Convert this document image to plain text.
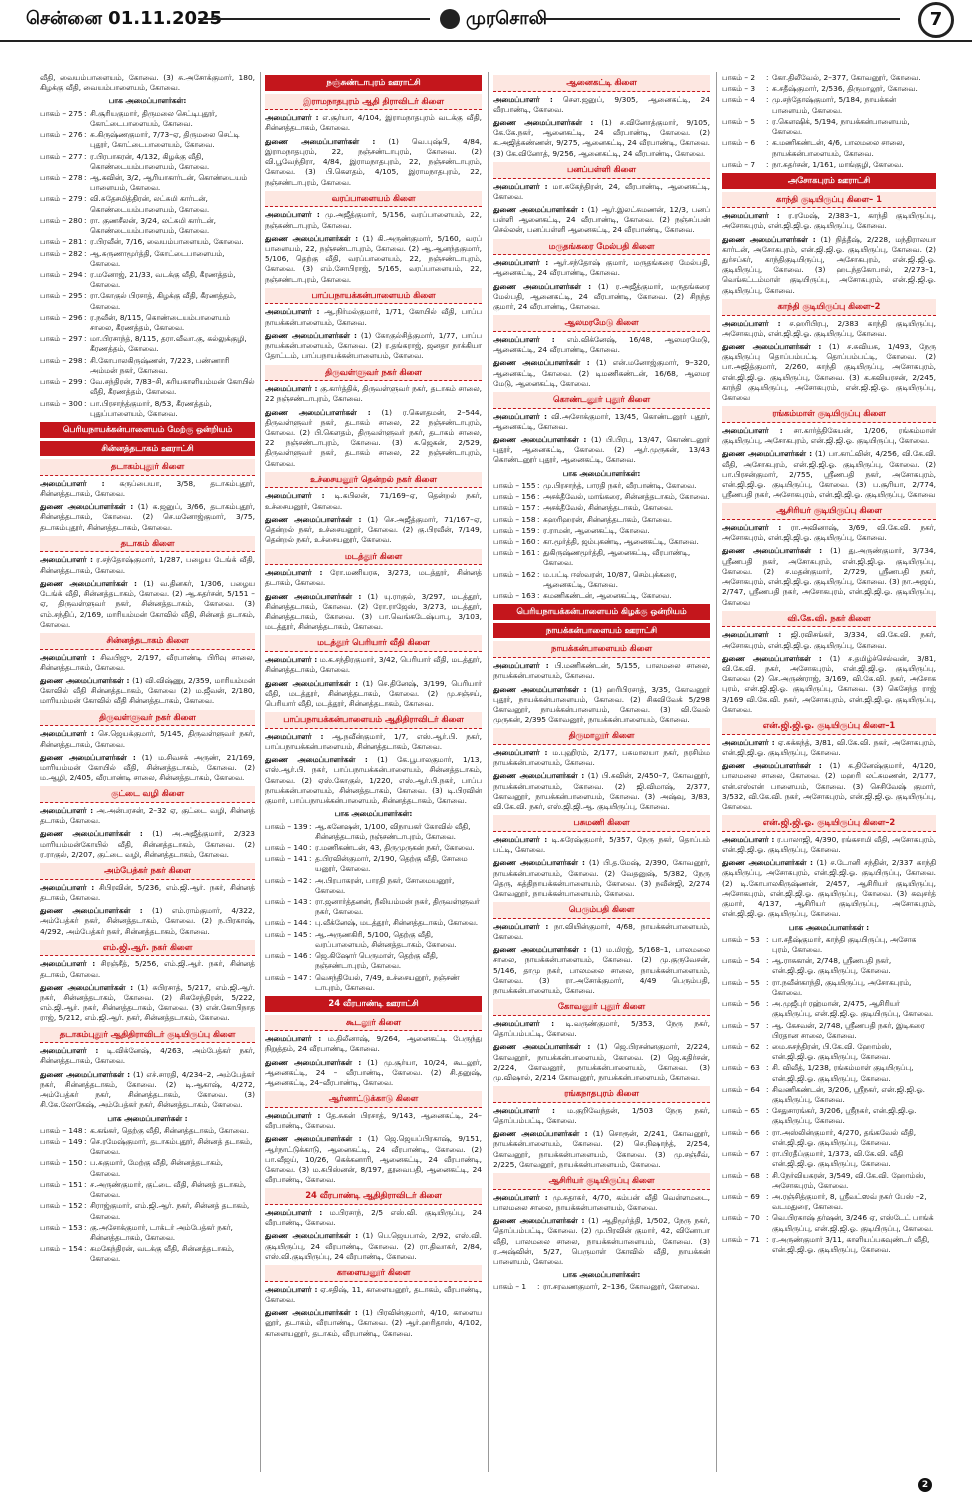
சென்னை 01.11.2025	முரசொலி	7
வீதி, வையம்பாளையம், கோவை. (3) சு.அசோக்குமார், 180, கிழக்கு வீதி, வையம்பாளையம், கோவை.
பாக அமைப்பாளர்கள்:
பாகம் – 275 : சி.சூரியகுமார், திருமலை செட்டிபுதூர், கோட்டைபாளையம், கோவை.
பாகம் – 276 : சு.கிருஷ்ணகுமார், 7/73–ஏ, திருமலை செட்டி புதூர், கோட்டைபாளையம், கோவை.
பாகம் – 277 : ர.பிரபாகரன், 4/132, கிழக்கு வீதி, கொண்டையம்பாளையம், கோவை.
பாகம் – 278 : ஆ.கவின், 3/2, ஆரியாகார்டன், கொண்டையம் பாளையம், கோவை.
பாகம் – 279 : வி.சுதேசமித்திரன், லட்சுமி கார்டன், கொண்டையம்பாளையம், கோவை.
பாகம் – 280 : ரா. குணசீலன், 3/24, லட்சுமி கார்டன், கொண்டையம்பாளையம், கோவை.
பாகம் – 281 : ர.பிரவீன், 7/16, வையம்பாளையம், கோவை.
பாகம் – 282 : ஆ.சுருணாமூர்த்தி, கோட்டைபாளையம், கோவை.
பாகம் – 294 : ர.மனோஜ், 21/33, வடக்கு வீதி, கீரணத்தம், கோவை.
பாகம் – 295 : ரா.கோகுல் பிரசாத், கிழக்கு வீதி, கீரணத்தம், கோவை.
பாகம் – 296 : ர.நவீன், 8/115, கொண்டையம்பாளையம் சாலை, கீரணத்தம், கோவை.
பாகம் – 297 : மா.பிரசாந்த், 8/115, தரா.வீவா.கு, கல்லுக்குழி, கீரணத்தம், கோவை.
பாகம் – 298 : சி.கோபாலகிருஷ்ணன், 7/223, பண்ணாரி அம்மன் நகர், கோவை.
பாகம் – 299 : வே.சந்திரன், 7/83–சி, சுரியகாளியம்மன் கோயில் வீதி, கீரணத்தம், கோவை.
பாகம் – 300 : பா.பிரசாந்த்குமார், 8/53, கீரணத்தம், புதுப்பாளையம், கோவை.
பெரியநாயக்கன்பாளையம் மேற்கு ஒன்றியம்
சின்னத்தடாகம் ஊராட்சி
தடாகம்புதூர் கிளை
அமைப்பாளர் : கருப்பையா, 3/58, தடாகம்புதூர், சின்னத்தடாகம், கோவை.
துணை அமைப்பாளர்கள் : (1) க.ஜனுப், 3/66, தடாகம்புதூர், சின்னத்தடாகம், கோவை. (2) செ.மனோஜ்குமார், 3/75, தடாகம்புதூர், சின்னத்தடாகம், கோவை.
தடாகம் கிளை
அமைப்பாளர் : ர.சந்தோஷ்குமார், 1/287, பழைய டேங்க் வீதி, சின்னத்தடாகம், கோவை.
துணை அமைப்பாளர்கள் : (1) வ.தினகர், 1/306, பழைய டேங்க் வீதி, சின்னத்தடாகம், கோவை. (2) ஆ.சுதர்சன், 5/151 – ஏ, திருவள்ளுவர் நகர், சின்னத்தடாகம், கோவை. (3) எம்.சந்திப், 2/169, மாரியம்மன் கோவில் வீதி, சின்னத் தடாகம், கோவை.
சின்னத்தடாகம் கிளை
அமைப்பாளர் : சிவபிஜு, 2/197, வீரபாண்டி பிரிவு சாலை, சின்னத்தடாகம், கோவை.
துணை அமைப்பாளர்கள் : (1) வி.விஷ்ணு, 2/359, மாரியம்மன் கோவில் வீதி சின்னத்தடாகம், கோவை (2) ம.ஜீவன், 2/180, மாரியம்மன் கோவில் வீதி சின்னத்தடாகம், கோவை.
திருவள்ளுவர் நகர் கிளை
அமைப்பாளர் : செ.ஜெயக்குமார், 5/145, திருவள்ளுவர் நகர், சின்னத்தடாகம், கோவை.
துணை அமைப்பாளர்கள் : (1) ம.சிவசக் அருண், 21/169, மாரியம்மன் கோயில் வீதி, சின்னத்தடாகம், கோவை. (2) ம.ஆழி, 2/405, வீரபாண்டி சாலை, சின்னத்தடாகம், கோவை.
குட்டை வழி கிளை
அமைப்பாளர் : அ.அன்பரசன், 2–32 ஏ, குட்டை வழி, சின்னத் தடாகம், கோவை.
துணை அமைப்பாளர்கள் : (1) அ.அஜீத்குமார், 2/323 மாரியம்மன்கோயில் வீதி, சின்னத்தடாகம், கோவை. (2) ர.ராகுல், 2/207, குட்டை வழி, சின்னத்தடாகம், கோவை.
அம்பேத்கர் நகர் கிளை
அமைப்பாளர் : சிபிரவின், 5/236, எம்.ஜி.ஆர். நகர், சின்னத் தடாகம், கோவை.
துணை அமைப்பாளர்கள் : (1) எம்.ராம்குமார், 4/322, அம்பேத்கர் நகர், சின்னத்தடாகம், கோவை. (2) ந.பிரகாஷ், 4/292, அம்பேத்கர் நகர், சின்னத்தடாகம், கோவை.
எம்.ஜி.ஆர். நகர் கிளை
அமைப்பாளர் : சிரஞ்சீத், 5/256, எம்.ஜி.ஆர். நகர், சின்னத் தடாகம், கோவை.
துணை அமைப்பாளர்கள் : (1) சுபிரசாத், 5/217, எம்.ஜி.ஆர். நகர், சின்னத்தடாகம், கோவை. (2) சிகசேந்திரன், 5/222, எம்.ஜி.ஆர். நகர், சின்னத்தடாகம், கோவை. (3) என்.கோபிநாத ராஜ், 5/212, எம்.ஜி.ஆர். நகர், சின்னத்தடாகம், கோவை.
தடாகம்புதூர் ஆதிதிராவிடர் குடியிருப்பு கிளை
அமைப்பாளர் : டி.விக்னேஷ், 4/263, அம்பேத்கர் நகர், சின்னத்தடாகம், கோவை.
துணை அமைப்பாளர்கள் : (1) எச்.சாரதி, 4/234–2, அம்பேத்கர் நகர், சின்னத்தடாகம், கோவை. (2) டி.ஆகாஷ், 4/272, அம்பேத்கர் நகர், சின்னத்தடாகம், கோவை. (3) சி.கே.லோகேஷ், அம்பேத்கர் நகர், சின்னத்தடாகம், கோவை.
பாக அமைப்பாளர்கள் :
பாகம் – 148 : க.கங்கர், தெற்கு வீதி, சின்னத்தடாகம், கோவை.
பாகம் – 149 : செ.ரமேஷ்குமார், தடாகம்புதூர், சின்னத் தடாகம், கோவை.
பாகம் – 150 : ப.சுகுமார், மேற்கு வீதி, சின்னத்தடாகம், கோவை.
பாகம் – 151 : ச.அருண்குமார், குட்டை வீதி, சின்னத் தடாகம், கோவை.
பாகம் – 152 : சிராஜ்குமார், எம்.ஜி.ஆர். நகர், சின்னத் தடாகம், கோவை.
பாகம் – 153 : கு.அசோக்குமார், டாக்டர் அம்பேத்கர் நகர், சின்னத்தடாகம், கோவை.
பாகம் – 154 : சுமகேந்திரன், வடக்கு வீதி, சின்னத்தடாகம், கோவை.
நஞ்சுண்டாபுரம் ஊராட்சி
இராமநாதபுரம் ஆதி திராவிடர் கிளை
அமைப்பாளர் : எ.சூர்யா, 4/104, இராமநாதபுரம் வடக்கு வீதி, சின்னத்தடாகம், கோவை.
துணை அமைப்பாளர்கள் : (1) வெ.புஷ்பி, 4/84, இராமநாதபுரம், 22, நஞ்சண்டாபுரம், கோவை. (2) வி.பூவேந்திரா, 4/84, இராமநாதபுரம், 22, நஞ்சண்டாபுரம், கோவை. (3) பி.கௌதம், 4/105, இராமநாதபுரம், 22, நஞ்சண்டாபுரம், கோவை.
வரப்பாளையம் கிளை
அமைப்பாளர் : மு.அஜீத்குமார், 5/156, வரப்பாளையம், 22, நஞ்சுண்டாபுரம், கோவை.
துணை அமைப்பாளர்கள் : (1) கி.அருண்குமார், 5/160, வரப் பாளையம், 22, நஞ்சண்டாபுரம், கோவை. (2) ஆ.ஆனந்தகுமார், 5/106, தெற்கு வீதி, வரப்பாளையம், 22, நஞ்சண்டாபுரம், கோவை. (3) எம்.சோபிராஜ், 5/165, வரப்பாளையம், 22, நஞ்சண்டாபுரம், கோவை.
பாப்பநாயக்கன்பாளையம் கிளை
அமைப்பாளர் : ஆ.நிர்மல்குமார், 1/71, கோயில் வீதி, பாப்ப நாயக்கன்பாளையம், கோவை.
துணை அமைப்பாளர்கள் : (1) கோகுல்சித்குமார், 1/77, பாப்ப நாயக்கன்பாளையம், கோவை. (2) ர.தங்கராஜ், ஜனதா நாக்கியா தோட்டம், பாப்பநாயக்கன்பாளையம், கோவை.
திருவள்ளுவர் நகர் கிளை
அமைப்பாளர் : கு.கார்த்திக், திருவள்ளுவர் நகர், தடாகம் சாலை, 22 நஞ்சண்டாபுரம், கோவை.
துணை அமைப்பாளர்கள் : (1) ர.கௌதமன், 2–544, திருவள்ளுவர் நகர், தடாகம் சாலை, 22 நஞ்சண்டாபுரம், கோவை. (2) பி.கௌதம், திருவள்ளுவர் நகர், தடாகம் சாலை, 22 நஞ்சண்டாபுரம், கோவை. (3) க.ஜெகன், 2/529, திருவள்ளுவர் நகர், தடாகம் சாலை, 22 நஞ்சண்டாபுரம், கோவை.
உச்சையனூர் தென்றல் நகர் கிளை
அமைப்பாளர் : டி.கபிலன், 71/169–ஏ, தென்றல் நகர், உச்சையனூர், கோவை.
துணை அமைப்பாளர்கள் : (1) செ.அஜீத்குமார், 71/167–ஏ, தென்றல் நகர், உச்சையனூர், கோவை. (2) கு.பிரவீன், 7/149, தென்றல் நகர், உச்சையனூர், கோவை.
மடத்தூர் கிளை
அமைப்பாளர் : ரோ.மணியரசு, 3/273, மடத்தூர், சின்னத் தடாகம், கோவை.
துணை அமைப்பாளர்கள் : (1) யு.ராகுல், 3/297, மடத்தூர், சின்னத்தடாகம், கோவை. (2) ரோ.ராஜேஸ், 3/273, மடத்தூர், சின்னத்தடாகம், கோவை. (3) பா.வெங்கடேஷ்பாபு, 3/103, மடத்தூர், சின்னத்தடாகம், கோவை.
மடத்தூர் பெரியார் வீதி கிளை
அமைப்பாளர் : ம.க.சந்திரகுமார், 3/42, பெரியார் வீதி, மடத்தூர், சின்னத்தடாகம், கோவை.
துணை அமைப்பாளர்கள் : (1) செ.தினேஷ், 3/199, பெரியார் வீதி, மடத்தூர், சின்னத்தடாகம், கோவை. (2) மு.சஞ்சய், பெரியார் வீதி, மடத்தூர், சின்னத்தடாகம், கோவை.
பாப்பநாயக்கன்பாளையம் ஆதிதிராவிடர் கிளை
அமைப்பாளர் : ஆ.நவீன்குமார், 1/7, எஸ்.ஆர்.பி. நகர், பாப்பநாயக்கன்பாளையம், சின்னத்தடாகம், கோவை.
துணை அமைப்பாளர்கள் : (1) கே.பூபாலகுமார், 1/13, எஸ்.ஆர்.பி. நகர், பாப்பநாயக்கன்பாளையம், சின்னத்தடாகம், கோவை. (2) ஏஸ்.கோகுல், 1/220, எஸ்.ஆர்.பி.நகர், பாப்ப நாயக்கன்பாளையம், சின்னத்தடாகம், கோவை. (3) டி.பிரவின் குமார், பாப்பநாயக்கன்பாளையம், சின்னத்தடாகம், கோவை.
பாக அமைப்பாளர்கள்:
பாகம் – 139 : ஆ.கனேஷன், 1/100, விநாயகர் கோவில் வீதி, சின்னத்தடாகம், நஞ்சண்டாபுரம், கோவை.
பாகம் – 140 : ர.மணிகண்டன், 43, திருமுருகன் நகர், கோவை.
பாகம் – 141 : த.பிரவின்குமார், 2/190, தெற்கு வீதி, சோமை யனூர், கோவை.
பாகம் – 142 : அ.பிரபாகரன், பாரதி நகர், சோமையனூர், கோவை.
பாகம் – 143 : ரா.ஜனார்த்தனன், நீலியம்மன் நகர், திருவள்ளுவர் நகர், கோவை.
பாகம் – 144 : பு.வீக்னேஷ், மடத்தூர், சின்னத்தடாகம், கோவை.
பாகம் – 145 : ஆ.அருணகிரி, 5/100, தெற்கு வீதி, வரப்பாளையம், சின்னத்தடாகம், கோவை.
பாகம் – 146 : ஜெ.கிஷோர் பெருமாள், தெற்கு வீதி, நஞ்சண்டாபுரம், கோவை.
பாகம் – 147 : வெசந்தியேல், 7/49, உச்சையனூர், நஞ்சண் டாபுரம், கோவை.
24 வீரபாண்டி ஊராட்சி
கூடலூர் கிளை
அமைப்பாளர் : ம.திலீனாஷ், 9/264, ஆனைகட்டி பேருந்து நிறுத்தம், 24 வீரபாண்டி, கோவை.
துணை அமைப்பாளர்கள் : (1) மு.சூர்யா, 10/24, கூடலூர், ஆனைகட்டி, 24 – வீரபாண்டி, கோவை. (2) சி.தனுஷ், ஆனைகட்டி, 24–வீரபாண்டி, கோவை.
ஆர்னாட்டுக்காடு கிளை
அமைப்பாளர் : தே.சுகன் பிரசாத், 9/143, ஆனைகட்டி, 24–வீரபாண்டி, கோவை.
துணை அமைப்பாளர்கள் : (1) ஜெ.ஜெயப்பிரகாஷ், 9/151, ஆர்நாட்டுக்காடு, ஆனைகட்டி, 24 வீரபாண்டி, கோவை. (2) பா.வீஜய், 10/26, கெக்கனாரி, ஆனைகட்டி, 24 வீரபாண்டி, கோவை. (3) ம.சுபிஸ்னன், 8/197, தூவைபதி, ஆனைகட்டி, 24 வீரபாண்டி, கோவை.
24 வீரபாண்டி ஆதிதிராவிடர் கிளை
அமைப்பாளர் : ம.பிரசாந், 2/5 எஸ்.வி. குடியிருப்பு, 24 வீரபாண்டி, கோவை.
துணை அமைப்பாளர்கள் : (1) பெ.ஜெயபால், 2/92, எஸ்.வி. குடியிருப்பு, 24 வீரபாண்டி, கோவை. (2) ரா.திவாகர், 2/84, எஸ்.வி.குடியிருப்பு, 24 வீரபாண்டி, கோவை.
காளையனூர் கிளை
அமைப்பாளர் : ஏ.சதிஷ், 11, காளையனூர், தடாகம், வீரபாண்டி, கோவை.
துணை அமைப்பாளர்கள் : (1) பிரவின்குமார், 4/10, காளைய னூர், தடாகம், வீரபாண்டி, கோவை. (2) ஆர்.ஹரிதாஸ், 4/102, காளையனூர், தடாகம், வீரபாண்டி, கோவை.
ஆனைகட்டி கிளை
அமைப்பாளர் : செள.ஜனுப், 9/305, ஆனைகட்டி, 24 வீரபாண்டி, கோவை.
துணை அமைப்பாளர்கள் : (1) ச.வினோத்குமார், 9/105, கே.கே.நகர், ஆனைகட்டி, 24 வீரபாண்டி, கோவை. (2) க.அஜித்கண்ணன், 9/275, ஆனைகட்டி, 24 வீரபாண்டி, கோவை. (3) கே.வினோத், 9/256, ஆனைகட்டி, 24 வீரபாண்டி, கோவை.
பனப்பள்ளி கிளை
அமைப்பாளர் : மா.சுகேந்திரன், 24, வீரபாண்டி, ஆனைகட்டி, கோவை.
துணை அமைப்பாளர்கள் : (1) ஆர்.இலட்சுமணன், 12/3, பனப் பள்ளி ஆனைகட்டி, 24 வீரபாண்டி, கோவை. (2) நஞ்சப்பன் செல்லன், பனப்பள்ளி ஆனைகட்டி, 24 வீரபாண்டி, கோவை.
மருதங்கரை மேல்பதி கிளை
அமைப்பாளர் : ஆர்.சந்தோஷ் குமார், மருதங்கரை மேல்பதி, ஆனைகட்டி, 24 வீரபாண்டி, கோவை.
துணை அமைப்பாளர்கள் : (1) ர.அஜீத்குமார், மருதங்கரை மேல்பதி, ஆனைகட்டி, 24 வீரபாண்டி, கோவை. (2) சிநந்த குமார், 24 வீரபாண்டி, கோவை.
ஆலமரமேடு கிளை
அமைப்பாளர் : எம்.விக்னேஷ், 16/48, ஆலமரமேடு, ஆனைகட்டி, 24 வீரபாண்டி, கோவை.
துணை அமைப்பாளர்கள் : (1) என்.மனோஜ்குமார், 9–320, ஆனைகட்டி, கோவை. (2) டிமணிகண்டன், 16/68, ஆலமர மேடு, ஆனைகட்டி, கோவை.
கொண்டனூர் புதூர் கிளை
அமைப்பாளர் : வி.அசோக்குமார், 13/45, கொண்டனூர் புதூர், ஆனைகட்டி, கோவை.
துணை அமைப்பாளர்கள் : (1) பி.பிரபு, 13/47, கொண்டனூர் புதூர், ஆனைகட்டி, கோவை. (2) ஆர்.முருகன், 13/43 கொண்டனூர் புதூர், ஆனைகட்டி, கோவை.
பாக அமைப்பாளர்கள்:
பாகம் – 155 : மு.பிரசாந்த், பாரதி நகர், வீரபாண்டி, கோவை.
பாகம் – 156 : அசக்தீவேல், மாங்கரை, சின்னத்தடாகம், கோவை.
பாகம் – 157 : அசக்தீவேல், சின்னத்தடாகம், கோவை.
பாகம் – 158 : சுஹரிஹரன், சின்னத்தடாகம், கோவை.
பாகம் – 159 : ர.ராமன், ஆனைகட்டி, கோவை.
பாகம் – 160 : கா.மூர்த்தி, ஜம்புகண்டி, ஆனைகட்டி, கோவை.
பாகம் – 161 : துகிருஷ்ணமூர்த்தி, ஆனைகட்டி, வீரபாண்டி, கோவை.
பாகம் – 162 : ம.பட்டி ஈஸ்வரன், 10/87, செம்புக்கரை, ஆனைகட்டி, கோவை.
பாகம் – 163 : சுமணிகண்டன், ஆனைகட்டி, கோவை.
பெரியநாயக்கன்பாளையம் கிழக்கு ஒன்றியம்
நாயக்கன்பாளையம் ஊராட்சி
நாயக்கன்பாளையம் கிளை
அமைப்பாளர் : பி.மணிகண்டன், 5/155, பாலமலை சாலை, நாயக்கன்பாளையம், கோவை.
துணை அமைப்பாளர்கள் : (1) ஹரிபிரசாத், 3/35, கோவனூர் புதூர், நாயக்கன்பாளையம், கோவை. (2) சிகவிவேக் 5/298 கோவனூர், நாயக்கன்பாளையம், கோவை. (3) வி.வேல் முருகன், 2/395 கோவனூர், நாயக்கன்பாளையம், கோவை.
திருமாலூர் கிளை
அமைப்பாளர் : ம.புஹிரம், 2/177, பசுமாலயா நகர், நரசிம்ம நாயக்கன்பாளையம், கோவை.
துணை அமைப்பாளர்கள் : (1) பி.சுவின், 2/450–7, கோவனூர், நாயக்கன்பாளையம், கோவை. (2) ஜி.விமாஷ், 2/377, கோவனூர், நாயக்கன்பாளையம், கோவை. (3) அஷ்வு, 3/83, வி.கே.வி. நகர், எஸ்.ஜி.ஜி.ஆ. குடியிருப்பு, கோவை.
பசுமணி கிளை
அமைப்பாளர் : டி.சுரேஷ்குமார், 5/357, நேரு நகர், தொப்பம் பட்டி, கோவை.
துணை அமைப்பாளர்கள் : (1) பி.த.மேஷ், 2/390, கோவனூர், நாயக்கன்பாளையம், கோவை. (2) வேதனுஷ், 5/382, நேரு தெரு, கத்திநாயக்கன்பாளையம், கோவை. (3) நவீன்ஜி, 2/274 கோவனூர், நாயக்கன்பாளையம், கோவை.
பெரும்பதி கிளை
அமைப்பாளர் : நா.வியின்குமார், 4/68, நாயக்கன்பாளையம், கோவை.
துணை அமைப்பாளர்கள் : (1) ம.மிரஜ், 5/168–1, பாலமலை சாலை, நாயக்கன்பாளையம், கோவை. (2) மு.குருவேசன், 5/146, தாமு நகர், பாலமலை சாலை, நாயக்கன்பாளையம், கோவை. (3) ரா.அசோக்குமார், 4/49 பெரும்பதி, நாயக்கன்பாளையம், கோவை.
கோவனூர் புதூர் கிளை
அமைப்பாளர் : டி.வருண்குமார், 5/353, நேரு நகர், தொப்பம்பட்டி, கோவை.
துணை அமைப்பாளர்கள் : (1) ஜெ.பிரசன்னகுமார், 2/224, கோவனூர், நாயக்கன்பாளையம், கோவை. (2) ஜெ.கதிர்சன், 2/224, கோவனூர், நாயக்கன்பாளையம், கோவை. (3) மு.விஷால், 2/214 கோவனூர், நாயக்கன்பாளையம், கோவை.
ரங்கநாதபுரம் கிளை
அமைப்பாளர் : ம.குறிவேந்தன், 1/503 நேரு நகர், தொப்பம்பட்டி, கோவை.
துணை அமைப்பாளர்கள் : (1) சொரூன், 2/241, கோவனூர், நாயக்கன்பாளையம், கோவை. (2) செ.நிஷாந்த், 2/254, கோவனூர், நாயக்கன்பாளையம், கோவை. (3) மு.சஞ்சீவ், 2/225, கோவனூர், நாயக்கன்பாளையம், கோவை.
ஆசிரியர் குடியிருப்பு கிளை
அமைப்பாளர் : மு.சுதாகர், 4/70, கம்பன் வீதி வெள்ளமடை, பாலமலை சாலை, நாயக்கன்பாளையம், கோவை.
துணை அமைப்பாளர்கள் : (1) ஆதிமூர்த்தி, 1/502, நேரு நகர், தொப்பம்பட்டி, கோவை. (2) மு.பிரவின் குமார், 42, வினோபா வீதி, பாலமலை சாலை, நாயக்கன்பாளையம், கோவை. (3) ர.அஷ்வின், 5/27, பெருமாள் கோவில் வீதி, நாயக்கன் பாளையம், கோவை.
பாக அமைப்பாளர்கள்:
பாகம் – 1	: ரா.சரவணகுமார், 2–136, கோவனூர், கோவை.
பாகம் – 2	: கோ.திலீவேல், 2–377, கோவனூர், கோவை.
பாகம் – 3	: சு.சதீஷ்குமார், 2/536, திருமாலூர், கோவை.
பாகம் – 4	: மு.சந்தோஷ்குமார், 5/184, நாயக்கன் பாளையம், கோவை.
பாகம் – 5	: ர.கௌஷிக், 5/194, நாயக்கன்பாளையம், கோவை.
பாகம் – 6	: க.மணிகண்டன், 4/6, பாலமலை சாலை, நாயக்கன்பாளையம், கோவை.
பாகம் – 7	: நா.சுதர்சன், 1/161, மாங்குழி, கோவை.
அசோகபுரம் ஊராட்சி
காந்தி குடியிருப்பு கிளை– 1
அமைப்பாளர் : ர.ரமேஷ், 2/383–1, காந்தி குடியிருப்பு, அசோகபுரம், என்.ஜி.ஜி.ஓ. குடியிருப்பு, கோவை.
துணை அமைப்பாளர்கள் : (1) நித்தீஷ், 2/228, மந்திராலயா கார்டன், அசோகபுரம், என்.ஜி.ஜி.ஓ. குடியிருப்பு, கோவை. (2) துர்சப்கர், காந்திகுடியிருப்பு, அசோகபுரம், என்.ஜி.ஜி.ஓ. குடியிருப்பு, கோவை. (3) ஹடந்தகோபால், 2/273–1, வெங்கட்டம்மாள் குடியிருப்பு, அசோகபுரம், என்.ஜி.ஜி.ஓ. குடியிருப்பு, கோவை.
காந்தி குடியிருப்பு கிளை–2
அமைப்பாளர் : ச.ஹரிபிரபு, 2/383 காந்தி குடியிருப்பு, அசோகபுரம், என்.ஜி.ஜி.ஓ. குடியிருப்பு, கோவை.
துணை அமைப்பாளர்கள் : (1) ச.சுவியசு, 1/493, நேரு குடியிருப்பு தொப்பம்பட்டி தொப்பம்பட்டி, கோவை. (2) பா.அஜித்குமார், 2/260, காந்தி குடியிருப்பு, அசோகபுரம், என்.ஜி.ஜி.ஓ. குடியிருப்பு, கோவை. (3) க.கவியரசன், 2/245, காந்தி குடியிருப்பு, அசோகபுரம், என்.ஜி.ஜி.ஓ. குடியிருப்பு, கோவை
ரங்கம்மாள் குடியிருப்பு கிளை
அமைப்பாளர் : சா.கார்த்திகேயன், 1/206, ரங்கம்மாள் குடியிருப்பு, அசோகபுரம், என்.ஜி.ஜி.ஓ. குடியிருப்பு, கோவை.
துணை அமைப்பாளர்கள் : (1) பா.காட்வின், 4/256, வி.கே.வி. வீதி, அசோகபுரம், என்.ஜி.ஜி.ஓ. குடியிருப்பு, கோவை. (2) பா.பிரசன்குமார், 2/755, ஸ்ரீணபதி நகர், அசோகபுரம், என்.ஜி.ஜி.ஓ. குடியிருப்பு, கோவை. (3) ப.சூரியா, 2/774, ஸ்ரீணபதி நகர், அசோகபுரம், என்.ஜி.ஜி.ஓ. குடியிருப்பு, கோவை
ஆசிரியர் குடியிருப்பு கிளை
அமைப்பாளர் : ரா.அவினாஷ், 3/69, வி.கே.வி. நகர், அசோகபுரம், என்.ஜி.ஜி.ஓ. குடியிருப்பு, கோவை.
துணை அமைப்பாளர்கள் : (1) து.அருண்குமார், 3/734, ஸ்ரீணபதி நகர், அசோகபுரம், என்.ஜி.ஜி.ஓ. குடியிருப்பு, கோவை. (2) ச.மதன்குமார், 2/729, ஸ்ரீணபதி நகர், அசோகபுரம், என்.ஜி.ஜி.ஓ. குடியிருப்பு, கோவை. (3) நா.அஜய், 2/747, ஸ்ரீணபதி நகர், அசோகபுரம், என்.ஜி.ஜி.ஓ. குடியிருப்பு, கோவை
வி.கே.வி. நகர் கிளை
அமைப்பாளர் : ஜி.ரவிசங்கர், 3/334, வி.கே.வி. நகர், அசோகபுரம், என்.ஜி.ஜி.ஓ. குடியிருப்பு, கோவை.
துணை அமைப்பாளர்கள் : (1) ச.தமிழ்ச்செல்வன், 3/81, வி.கே.வி. நகர், அசோகபுரம், என்.ஜி.ஜி.ஓ. குடியிருப்பு, கோவை (2) செ.அருண்ராஜ், 3/169, வி.கே.வி. நகர், அசோக புரம், என்.ஜி.ஜி.ஓ. குடியிருப்பு, கோவை. (3) கெசேந்த ராஜ் 3/169 வி.கே.வி. நகர், அசோகபுரம், என்.ஜி.ஜி.ஓ. குடியிருப்பு, கோவை.
என்.ஜி.ஜி.ஓ. குடியிருப்பு கிளை–1
அமைப்பாளர் : ஏ.சுக்கந்த், 3/81, வி.கே.வி. நகர், அசோகபுரம், என்.ஜி.ஜி.ஓ. குடியிருப்பு, கோவை.
துணை அமைப்பாளர்கள் : (1) க.தினேஷ்குமார், 4/120, பாலமலை சாலை, கோவை. (2) மஹரி லட்சுமணன், 2/177, என்.எஸ்என் பாளையம், கோவை. (3) செசிவேஷ் குமார், 3/532, வி.கே.வி. நகர், அசோகபுரம், என்.ஜி.ஜி.ஓ. குடியிருப்பு, கோவை.
என்.ஜி.ஜி.ஓ. குடியிருப்பு கிளை–2
அமைப்பாளர் : ர.பாலாஜி, 4/390, ரங்கசாமி வீதி, அசோகபுரம், என்.ஜி.ஜி.ஓ. குடியிருப்பு, கோவை.
துணை அமைப்பாளர்கள் : (1) ச.டோனி சந்தின், 2/337 காந்தி குடியிருப்பு, அசோகபுரம், என்.ஜி.ஜி.ஓ. குடியிருப்பு, கோவை. (2) டி.கோபாலகிருஷ்ணன், 2/457, ஆசிரியர் குடியிருப்பு, அசோகபுரம், என்.ஜி.ஜி.ஓ. குடியிருப்பு, கோவை. (3) கவுசர்த் குமார், 4/137, ஆசிரியர் குடியிருப்பு, அசோகபுரம், என்.ஜி.ஜி.ஓ. குடியிருப்பு, கோவை.
பாக அமைப்பாளர்கள் :
பாகம் – 53 : பா.சதீஷ்குமார், காந்தி குடியிருப்பு, அசோக புரம், கோவை.
பாகம் – 54 : ஆ.ராசுகான், 2/748, ஸ்ரீணபதி நகர், என்.ஜி.ஜி.ஓ. குடியிருப்பு, கோவை.
பாகம் – 55 : ரா.நவீன்காந்தி, குடியிருப்பு, அசோகபுரம், கோவை.
பாகம் – 56 : அ.முஜீபுர் ரஹ்மான், 2/475, ஆசிரியர் குடியிருப்பு, என்.ஜி.ஜி.ஓ. குடியிருப்பு, கோவை.
பாகம் – 57 : ஆ. கேசவன், 2/748, ஸ்ரீணபதி நகர், இடிகரை பிரதான சாலை, கோவை.
பாகம் – 62 : மை.சுசந்திரன், பி.கே.வி. ஹோம்ஸ், என்.ஜி.ஜி.ஓ. குடியிருப்பு, கோவை.
பாகம் – 63 : சி. விவீத், 1/238, ரங்கம்மாள் குடியிருப்பு, என்.ஜி.ஜி.ஓ. குடியிருப்பு, கோவை.
பாகம் – 64 : சிவணிகண்டன், 3/206, ஸ்ரீநகர், என்.ஜி.ஜி.ஓ. குடியிருப்பு, கோவை.
பாகம் – 65 : சேதுசாரங்கர், 3/206, ஸ்ரீநகர், என்.ஜி.ஜி.ஓ. குடியிருப்பு, கோவை.
பாகம் – 66 : ரா.அஸ்லின்குமார், 4/270, தங்கவேல் வீதி, என்.ஜி.ஜி.ஓ. குடியிருப்பு, கோவை.
பாகம் – 67 : ரா.பிரதீப்குமார், 1/373, வி.கே.வி. வீதி என்.ஜி.ஜி.ஓ. குடியிருப்பு, கோவை.
பாகம் – 68 : சி.நேர்வியகரன், 3/549, வி.கே.வி. ஹோம்ஸ், அசோகபுரம், கோவை.
பாகம் – 69 : அ.ரஞ்சித்குமார், 8, ஸ்ரீவட்ஸவ் நகர் பேஸ் –2, வடமதுரை, கோவை.
பாகம் – 70 : வெ.பிரகாஷ் தர்ஷன், 3/246 ஏ, எஸ்டேட் பாங்க் குடியிருப்பு, என்.ஜி.ஜி.ஓ. குடியிருப்பு, கோவை.
பாகம் – 71 : ர.அருண்குமார் 3/11, காளியப்பகவுண்டர் வீதி, என்.ஜி.ஜி.ஓ. குடியிருப்பு, கோவை.
2
